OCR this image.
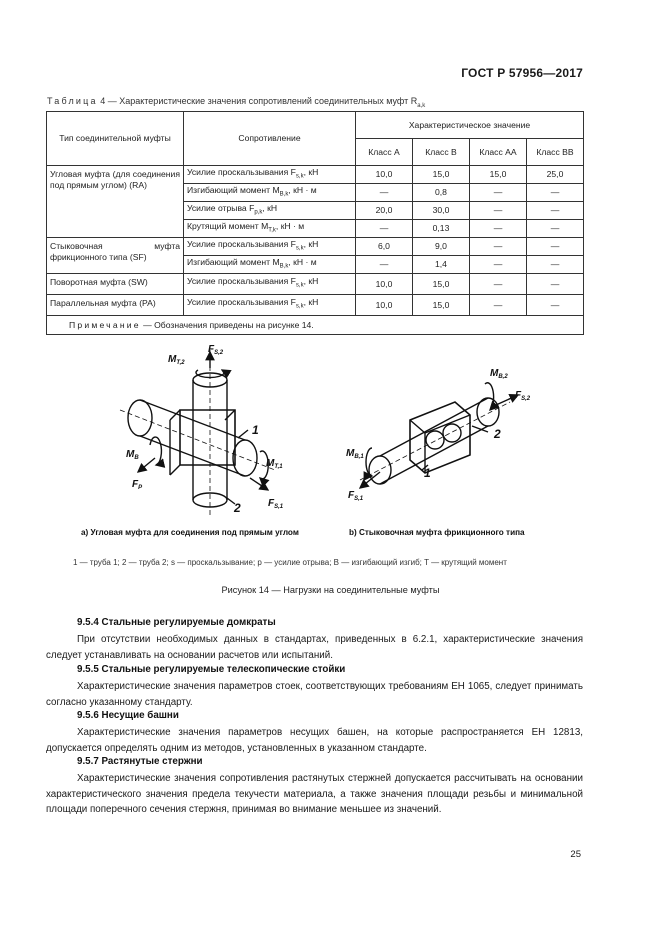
ГОСТ Р 57956—2017
Таблица 4 — Характеристические значения сопротивлений соединительных муфт $R_{a,k}$
Тип соединительной муфты	Сопротивление	Характеристическое значение			
		Класс А	Класс B	Класс АА	Класс ВВ
Угловая муфта (для соединения под прямым углом) (RA)	Усилие проскальзывания $F_{s,k}$, кН	10,0	15,0	15,0	25,0
	Изгибающий момент $M_{B,k}$, кН · м	—	0,8	—	—
	Усилие отрыва $F_{p,k}$, кН	20,0	30,0	—	—
	Крутящий момент $M_{T,k}$, кН · м	—	0,13	—	—
Стыковочная муфта фрикционного типа (SF)	Усилие проскальзывания $F_{s,k}$, кН	6,0	9,0	—	—
	Изгибающий момент $M_{B,k}$, кН · м	—	1,4	—	—
Поворотная муфта (SW)	Усилие проскальзывания $F_{s,k}$, кН	10,0	15,0	—	—
Параллельная муфта (PA)	Усилие проскальзывания $F_{s,k}$, кН	10,0	15,0	—	—
Примечание — Обозначения приведены на рисунке 14.					
$M_{T,2}$
$F_{S,2}$
$M_B$
$F_P$
$M_{T,1}$
$F_{S,1}$
1
2
$M_{B,2}$
$F_{S,2}$
$M_{B,1}$
$F_{S,1}$
1
2
а) Угловая муфта для соединения под прямым углом	b) Стыковочная муфта фрикционного типа
1 — труба 1; 2 — труба 2; s — проскальзывание; p — усилие отрыва; B — изгибающий изгиб; T — крутящий момент
Рисунок 14 — Нагрузки на соединительные муфты
9.5.4 Стальные регулируемые домкраты
При отсутствии необходимых данных в стандартах, приведенных в 6.2.1, характеристические значения следует устанавливать на основании расчетов или испытаний.
9.5.5 Стальные регулируемые телескопические стойки
Характеристические значения параметров стоек, соответствующих требованиям ЕН 1065, следует принимать согласно указанному стандарту.
9.5.6 Несущие башни
Характеристические значения параметров несущих башен, на которые распространяется ЕН 12813, допускается определять одним из методов, установленных в указанном стандарте.
9.5.7 Растянутые стержни
Характеристические значения сопротивления растянутых стержней допускается рассчитывать на основании характеристического значения предела текучести материала, а также значения площади резьбы и минимальной площади поперечного сечения стержня, принимая во внимание меньшее из значений.
25
